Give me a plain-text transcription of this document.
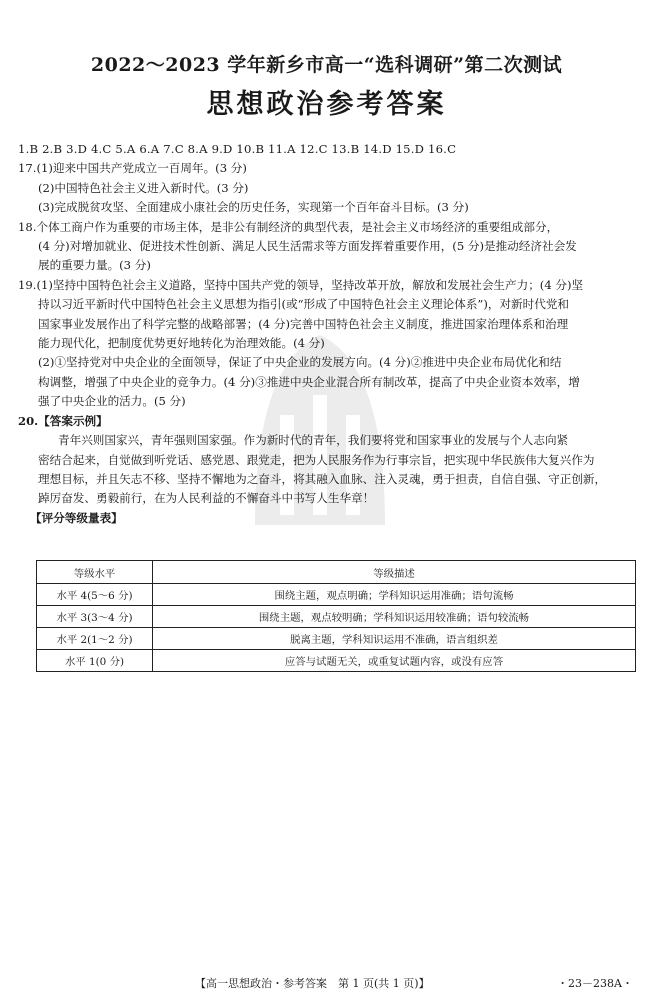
2022～2023 学年新乡市高一“选科调研”第二次测试
思想政治参考答案
1.B 2.B 3.D 4.C 5.A 6.A 7.C 8.A 9.D 10.B 11.A 12.C 13.B 14.D 15.D 16.C
17.(1)迎来中国共产党成立一百周年。(3 分)
(2)中国特色社会主义进入新时代。(3 分)
(3)完成脱贫攻坚、全面建成小康社会的历史任务，实现第一个百年奋斗目标。(3 分)
18.个体工商户作为重要的市场主体，是非公有制经济的典型代表，是社会主义市场经济的重要组成部分，
(4 分)对增加就业、促进技术性创新、满足人民生活需求等方面发挥着重要作用，(5 分)是推动经济社会发
展的重要力量。(3 分)
19.(1)坚持中国特色社会主义道路，坚持中国共产党的领导，坚持改革开放，解放和发展社会生产力；(4 分)坚
持以习近平新时代中国特色社会主义思想为指引(或“形成了中国特色社会主义理论体系”)，对新时代党和
国家事业发展作出了科学完整的战略部署；(4 分)完善中国特色社会主义制度，推进国家治理体系和治理
能力现代化，把制度优势更好地转化为治理效能。(4 分)
(2)①坚持党对中央企业的全面领导，保证了中央企业的发展方向。(4 分)②推进中央企业布局优化和结
构调整，增强了中央企业的竞争力。(4 分)③推进中央企业混合所有制改革，提高了中央企业资本效率，增
强了中央企业的活力。(5 分)
20.【答案示例】
青年兴则国家兴，青年强则国家强。作为新时代的青年，我们要将党和国家事业的发展与个人志向紧
密结合起来，自觉做到听党话、感党恩、跟党走，把为人民服务作为行事宗旨，把实现中华民族伟大复兴作为
理想目标，并且矢志不移、坚持不懈地为之奋斗，将其融入血脉、注入灵魂，勇于担责，自信自强、守正创新，
踔厉奋发、勇毅前行，在为人民利益的不懈奋斗中书写人生华章！
【评分等级量表】
等级水平	等级描述
水平 4(5～6 分)	围绕主题，观点明确；学科知识运用准确；语句流畅
水平 3(3～4 分)	围绕主题，观点较明确；学科知识运用较准确；语句较流畅
水平 2(1～2 分)	脱离主题，学科知识运用不准确，语言组织差
水平 1(0 分)	应答与试题无关，或重复试题内容，或没有应答
【高一思想政治・参考答案　第 1 页(共 1 页)】	・23－238A・
